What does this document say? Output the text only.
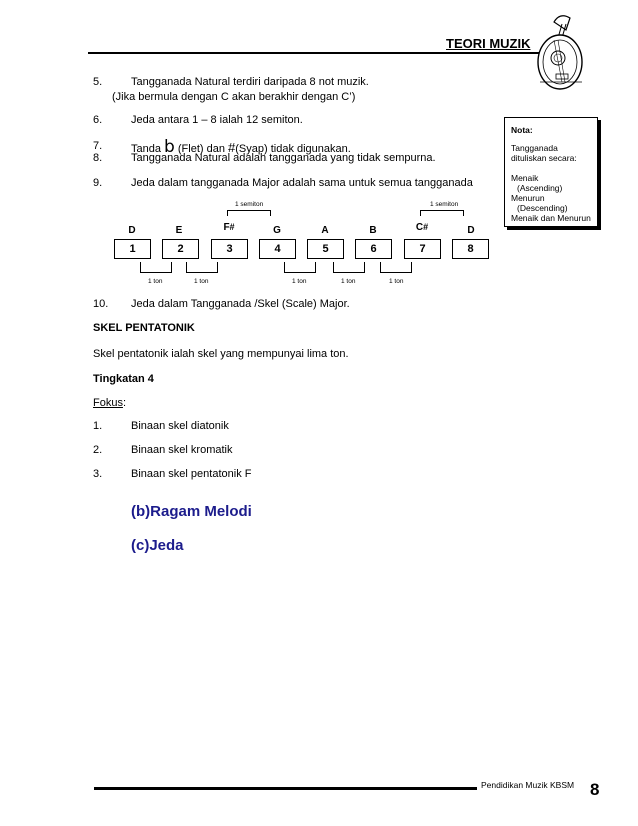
TEORI MUZIK
5.	Tangganada Natural terdiri daripada 8 not muzik.
(Jika bermula dengan C akan berakhir dengan C’)
6.	Jeda antara 1 – 8 ialah 12 semiton.
7.	Tanda b (Flet) dan #(Syap) tidak digunakan.
8.	Tangganada Natural adalah tangganada yang tidak sempurna.
9.	Jeda dalam tangganada Major adalah sama untuk semua tangganada
Nota:
Tangganada
dituliskan secara:
Menaik
(Ascending)
Menurun
(Descending)
Menaik dan Menurun
1 semiton	1 semiton
D	E	F#	G	A	B	C#	D
1	2	3	4	5	6	7	8
1 ton	1 ton	1 ton	1 ton	1 ton
10. Jeda dalam Tangganada /Skel (Scale) Major.
SKEL PENTATONIK
Skel pentatonik ialah skel yang mempunyai lima ton.
Tingkatan 4
Fokus:
1.	Binaan skel diatonik
2.	Binaan skel kromatik
3.	Binaan skel pentatonik F
(b)Ragam Melodi
(c)Jeda
Pendidikan Muzik KBSM 8
